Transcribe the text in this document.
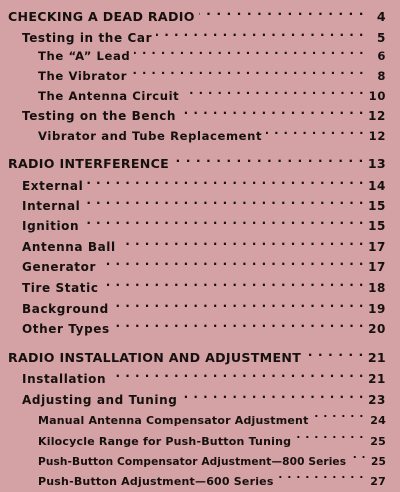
CHECKING A DEAD RADIO . . .	4
Testing in the Car . . .	5
The “A” Lead . . .	6
The Vibrator . . .	8
The Antenna Circuit . . .	10
Testing on the Bench . . .	12
Vibrator and Tube Replacement . . .	12
RADIO INTERFERENCE . . .	13
External . . .	14
Internal . . .	15
Ignition . . .	15
Antenna Ball . . .	17
Generator . . .	17
Tire Static . . .	18
Background . . .	19
Other Types . . .	20
RADIO INSTALLATION AND ADJUSTMENT . . .	21
Installation . . .	21
Adjusting and Tuning . . .	23
Manual Antenna Compensator Adjustment . . .	24
Kilocycle Range for Push-Button Tuning . . .	25
Push-Button Compensator Adjustment—800 Series . . . 25
Push-Button Adjustment—600 Series . . .	27
